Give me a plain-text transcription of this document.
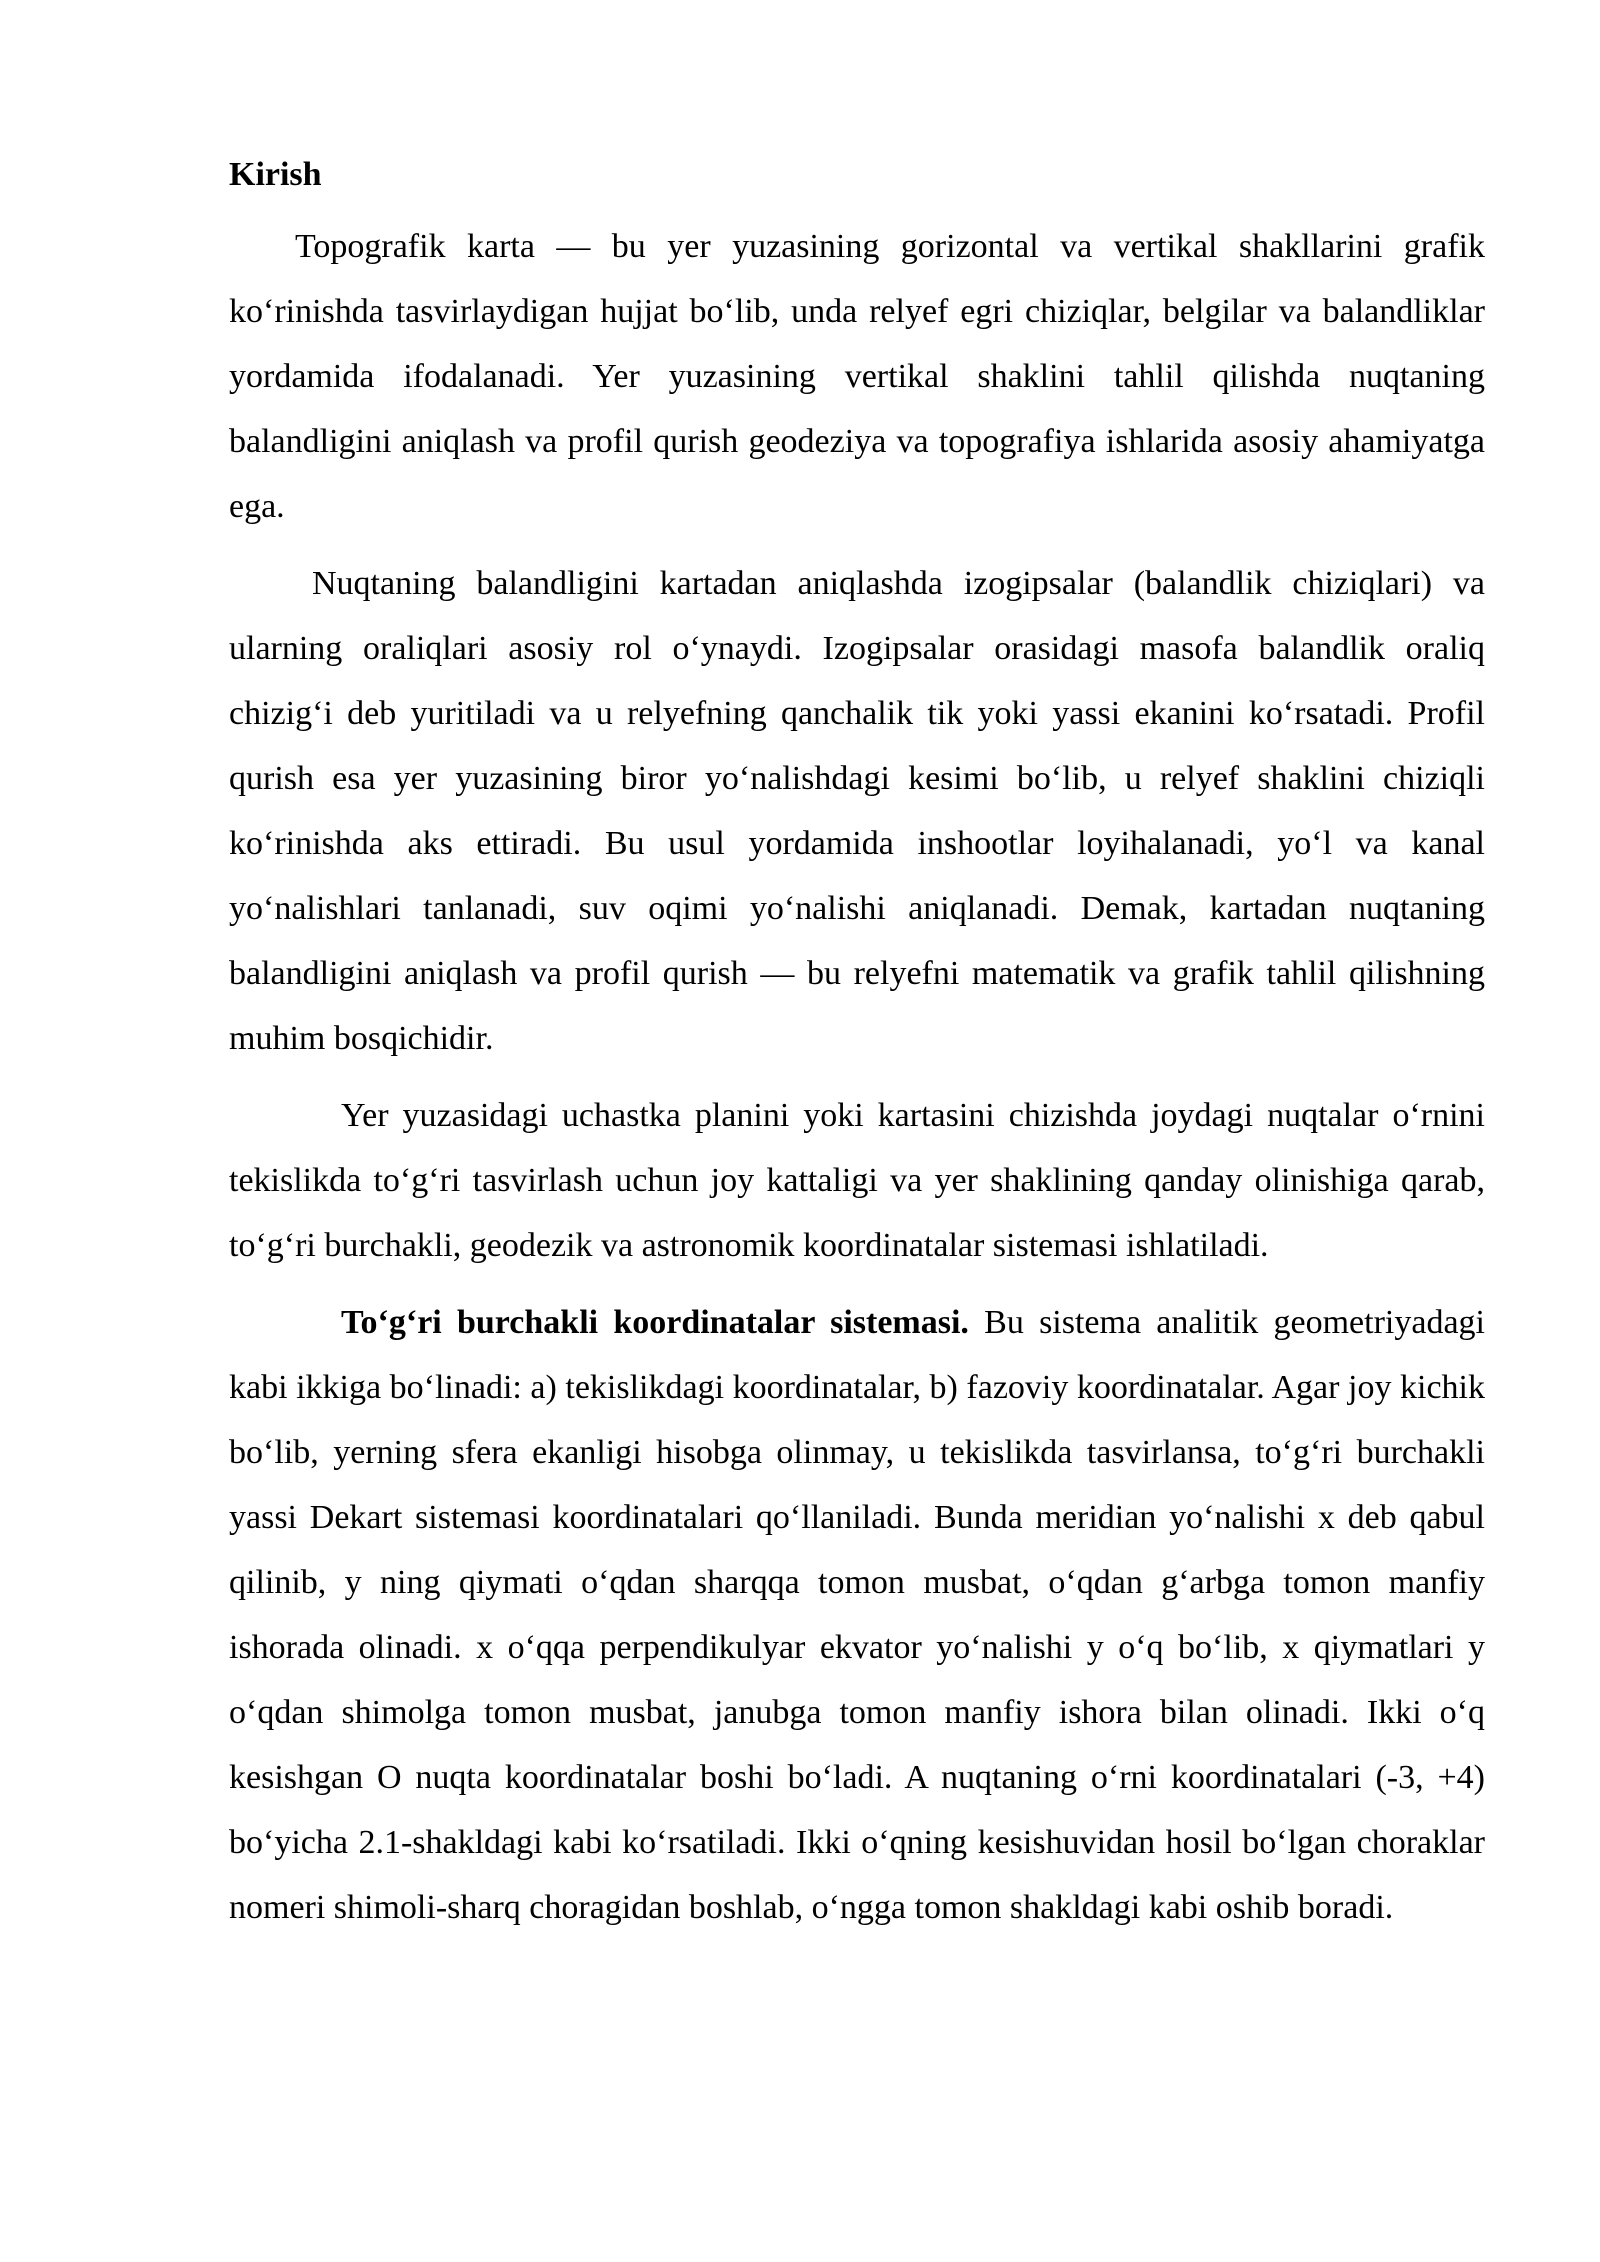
Kirish

Topografik karta — bu yer yuzasining gorizontal va vertikal shakllarini grafik ko‘rinishda tasvirlaydigan hujjat bo‘lib, unda relyef egri chiziqlar, belgilar va balandliklar yordamida ifodalanadi. Yer yuzasining vertikal shaklini tahlil qilishda nuqtaning balandligini aniqlash va profil qurish geodeziya va topografiya ishlarida asosiy ahamiyatga ega.

Nuqtaning balandligini kartadan aniqlashda izogipsalar (balandlik chiziqlari) va ularning oraliqlari asosiy rol o‘ynaydi. Izogipsalar orasidagi masofa balandlik oraliq chizig‘i deb yuritiladi va u relyefning qanchalik tik yoki yassi ekanini ko‘rsatadi. Profil qurish esa yer yuzasining biror yo‘nalishdagi kesimi bo‘lib, u relyef shaklini chiziqli ko‘rinishda aks ettiradi. Bu usul yordamida inshootlar loyihalanadi, yo‘l va kanal yo‘nalishlari tanlanadi, suv oqimi yo‘nalishi aniqlanadi. Demak, kartadan nuqtaning balandligini aniqlash va profil qurish — bu relyefni matematik va grafik tahlil qilishning muhim bosqichidir.

Yer yuzasidagi uchastka planini yoki kartasini chizishda joydagi nuqtalar o‘rnini tekislikda to‘g‘ri tasvirlash uchun joy kattaligi va yer shaklining qanday olinishiga qarab, to‘g‘ri burchakli, geodezik va astronomik koordinatalar sistemasi ishlatiladi.

To‘g‘ri burchakli koordinatalar sistemasi. Bu sistema analitik geometriyadagi kabi ikkiga bo‘linadi: a) tekislikdagi koordinatalar, b) fazoviy koordinatalar. Agar joy kichik bo‘lib, yerning sfera ekanligi hisobga olinmay, u tekislikda tasvirlansa, to‘g‘ri burchakli yassi Dekart sistemasi koordinatalari qo‘llaniladi. Bunda meridian yo‘nalishi x deb qabul qilinib, y ning qiymati o‘qdan sharqqa tomon musbat, o‘qdan g‘arbga tomon manfiy ishorada olinadi. x o‘qqa perpendikulyar ekvator yo‘nalishi y o‘q bo‘lib, x qiymatlari y o‘qdan shimolga tomon musbat, janubga tomon manfiy ishora bilan olinadi. Ikki o‘q kesishgan O nuqta koordinatalar boshi bo‘ladi. A nuqtaning o‘rni koordinatalari (-3, +4) bo‘yicha 2.1-shakldagi kabi ko‘rsatiladi. Ikki o‘qning kesishuvidan hosil bo‘lgan choraklar nomeri shimoli-sharq choragidan boshlab, o‘ngga tomon shakldagi kabi oshib boradi.
